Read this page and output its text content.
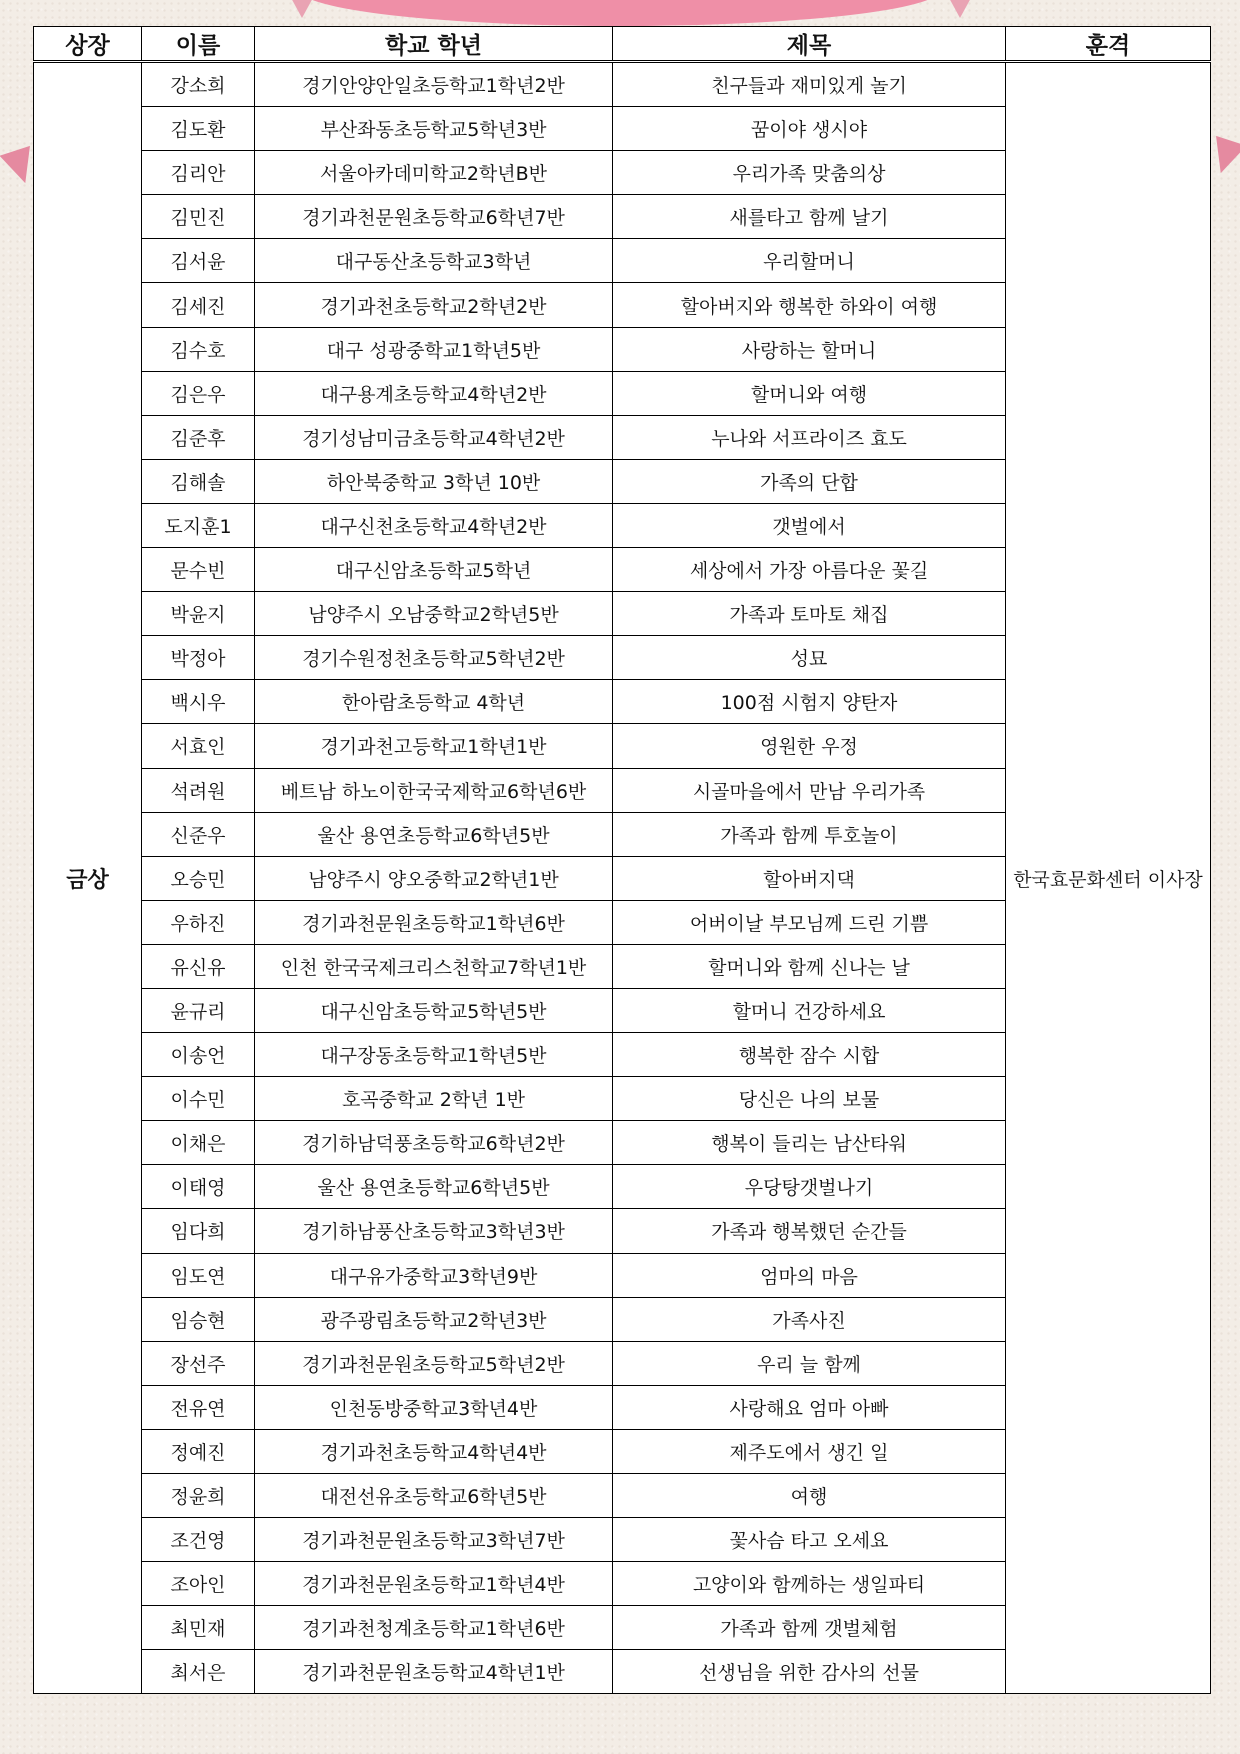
상장	이름	학교 학년	제목	훈격
금상	강소희	경기안양안일초등학교1학년2반	친구들과 재미있게 놀기	한국효문화센터 이사장
	김도환	부산좌동초등학교5학년3반	꿈이야 생시야	
	김리안	서울아카데미학교2학년B반	우리가족 맞춤의상	
	김민진	경기과천문원초등학교6학년7반	새를타고 함께 날기	
	김서윤	대구동산초등학교3학년	우리할머니	
	김세진	경기과천초등학교2학년2반	할아버지와 행복한 하와이 여행	
	김수호	대구 성광중학교1학년5반	사랑하는 할머니	
	김은우	대구용계초등학교4학년2반	할머니와 여행	
	김준후	경기성남미금초등학교4학년2반	누나와 서프라이즈 효도	
	김해솔	하안북중학교 3학년 10반	가족의 단합	
	도지훈1	대구신천초등학교4학년2반	갯벌에서	
	문수빈	대구신암초등학교5학년	세상에서 가장 아름다운 꽃길	
	박윤지	남양주시 오남중학교2학년5반	가족과 토마토 채집	
	박정아	경기수원정천초등학교5학년2반	성묘	
	백시우	한아람초등학교 4학년	100점 시험지 양탄자	
	서효인	경기과천고등학교1학년1반	영원한 우정	
	석려원	베트남 하노이한국국제학교6학년6반	시골마을에서 만남 우리가족	
	신준우	울산 용연초등학교6학년5반	가족과 함께 투호놀이	
	오승민	남양주시 양오중학교2학년1반	할아버지댁	
	우하진	경기과천문원초등학교1학년6반	어버이날 부모님께 드린 기쁨	
	유신유	인천 한국국제크리스천학교7학년1반	할머니와 함께 신나는 날	
	윤규리	대구신암초등학교5학년5반	할머니 건강하세요	
	이송언	대구장동초등학교1학년5반	행복한 잠수 시합	
	이수민	호곡중학교 2학년 1반	당신은 나의 보물	
	이채은	경기하남덕풍초등학교6학년2반	행복이 들리는 남산타워	
	이태영	울산 용연초등학교6학년5반	우당탕갯벌나기	
	임다희	경기하남풍산초등학교3학년3반	가족과 행복했던 순간들	
	임도연	대구유가중학교3학년9반	엄마의 마음	
	임승현	광주광림초등학교2학년3반	가족사진	
	장선주	경기과천문원초등학교5학년2반	우리 늘 함께	
	전유연	인천동방중학교3학년4반	사랑해요 엄마 아빠	
	정예진	경기과천초등학교4학년4반	제주도에서 생긴 일	
	정윤희	대전선유초등학교6학년5반	여행	
	조건영	경기과천문원초등학교3학년7반	꽃사슴 타고 오세요	
	조아인	경기과천문원초등학교1학년4반	고양이와 함께하는 생일파티	
	최민재	경기과천청계초등학교1학년6반	가족과 함께 갯벌체험	
	최서은	경기과천문원초등학교4학년1반	선생님을 위한 감사의 선물	
